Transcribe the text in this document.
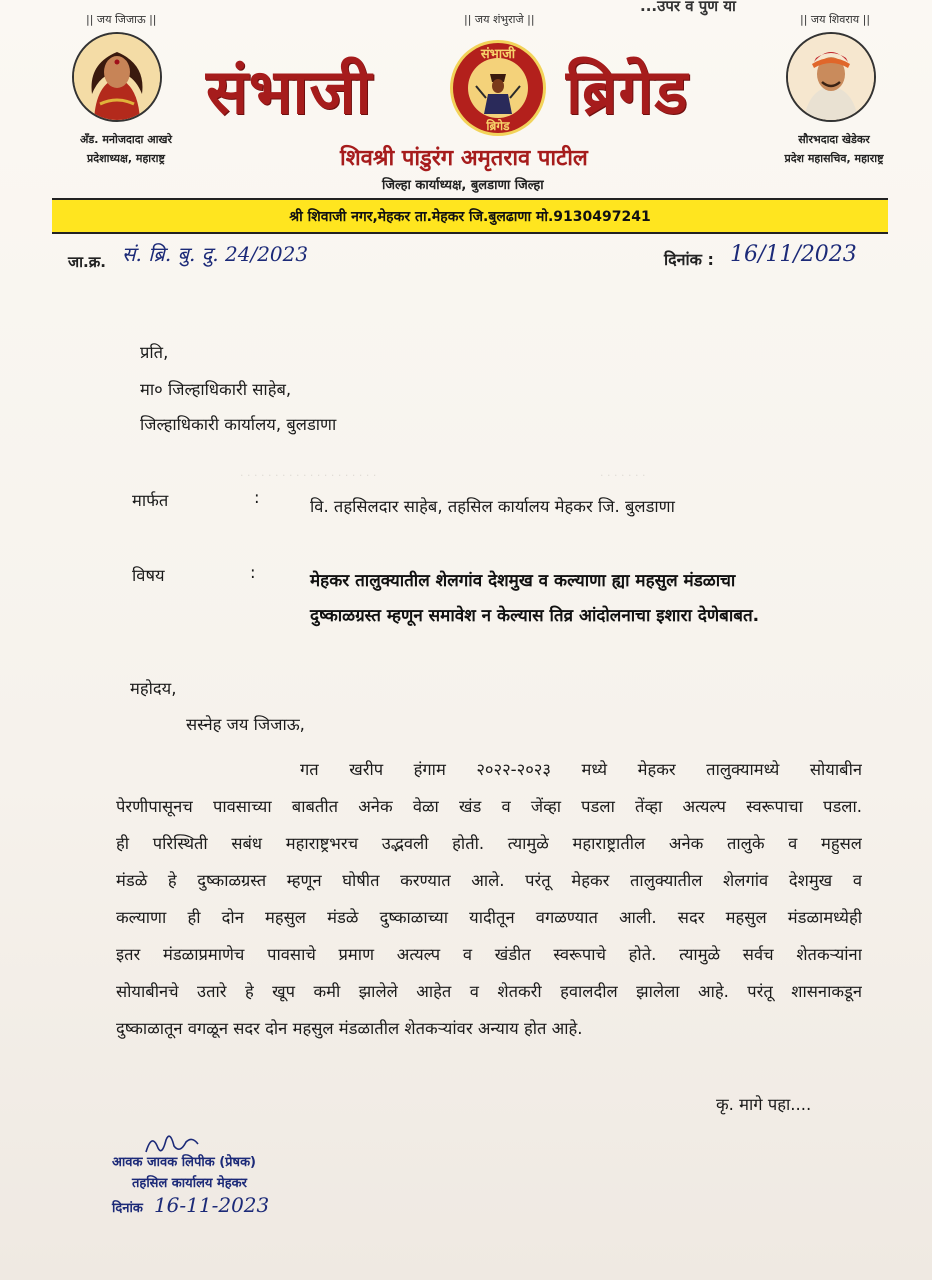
. . . . . . . . . . . . . . . . . . . .	. . . . . . .
...उपर व पुण या
|| जय जिजाऊ ||	|| जय शंभुराजे ||	|| जय शिवराय ||
अँड. मनोजदादा आखरे
प्रदेशाध्यक्ष, महाराष्ट्र
सौरभदादा खेडेकर
प्रदेश महासचिव, महाराष्ट्र
संभाजी	ब्रिगेड
संभाजी
ब्रिगेड
शिवश्री पांडुरंग अमृतराव पाटील
जिल्हा कार्याध्यक्ष, बुलडाणा जिल्हा
श्री शिवाजी नगर,मेहकर ता.मेहकर जि.बुलढाणा मो.9130497241
जा.क्र. सं. ब्रि. बु. दु. 24/2023	दिनांक : 16/11/2023
प्रति,
मा० जिल्हाधिकारी साहेब,
जिल्हाधिकारी कार्यालय, बुलडाणा
मार्फत	:	वि. तहसिलदार साहेब, तहसिल कार्यालय मेहकर जि. बुलडाणा
विषय	:	मेहकर तालुक्यातील शेलगांव देशमुख व कल्याणा ह्या महसुल मंडळाचा
दुष्काळग्रस्त म्हणून समावेश न केल्यास तिव्र आंदोलनाचा इशारा देणेबाबत.
महोदय,
सस्नेह जय जिजाऊ,
गत खरीप हंगाम २०२२-२०२३ मध्ये मेहकर तालुक्यामध्ये सोयाबीन
पेरणीपासूनच पावसाच्या बाबतीत अनेक वेळा खंड व जेंव्हा पडला तेंव्हा अत्यल्प स्वरूपाचा पडला.
ही परिस्थिती सबंध महाराष्ट्रभरच उद्भवली होती. त्यामुळे महाराष्ट्रातील अनेक तालुके व महुसल
मंडळे हे दुष्काळग्रस्त म्हणून घोषीत करण्यात आले. परंतू मेहकर तालुक्यातील शेलगांव देशमुख व
कल्याणा ही दोन महसुल मंडळे दुष्काळाच्या यादीतून वगळण्यात आली. सदर महसुल मंडळामध्येही
इतर मंडळाप्रमाणेच पावसाचे प्रमाण अत्यल्प व खंडीत स्वरूपाचे होते. त्यामुळे सर्वच शेतकऱ्यांना
सोयाबीनचे उतारे हे खूप कमी झालेले आहेत व शेतकरी हवालदील झालेला आहे. परंतू शासनाकडून
दुष्काळातून वगळून सदर दोन महसुल मंडळातील शेतकऱ्यांवर अन्याय होत आहे.
कृ. मागे पहा....
आवक जावक लिपीक (प्रेषक)
तहसिल कार्यालय मेहकर
दिनांक 16-11-2023
